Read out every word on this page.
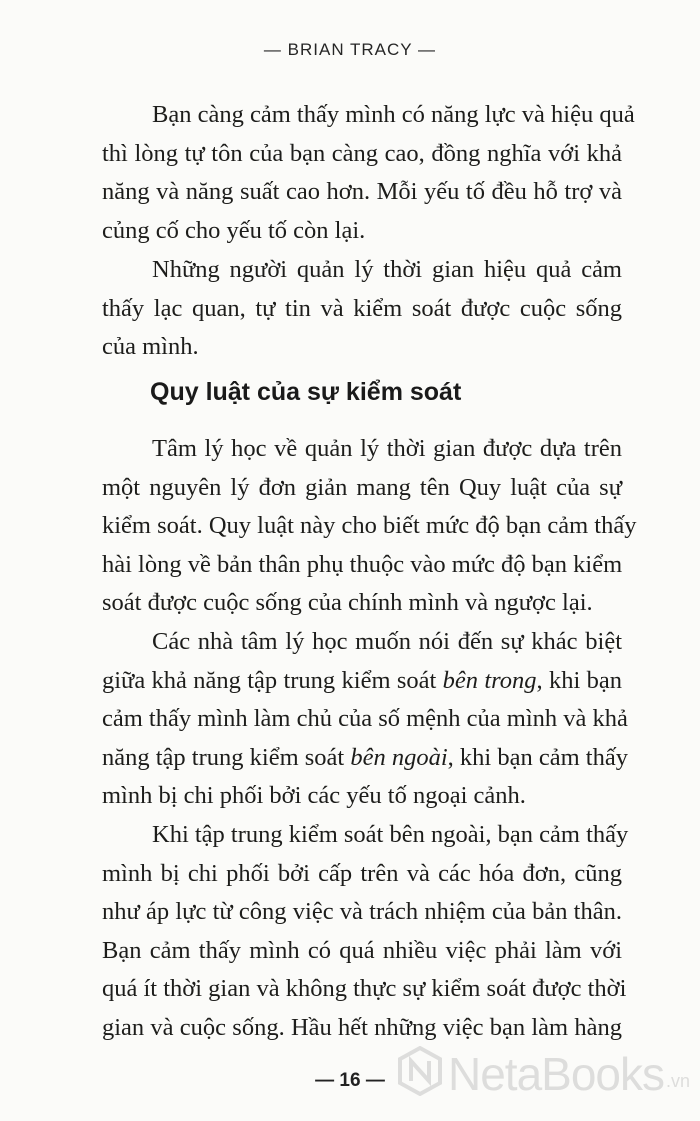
— BRIAN TRACY —
Bạn càng cảm thấy mình có năng lực và hiệu quả
thì lòng tự tôn của bạn càng cao, đồng nghĩa với khả
năng và năng suất cao hơn. Mỗi yếu tố đều hỗ trợ và
củng cố cho yếu tố còn lại.
Những người quản lý thời gian hiệu quả cảm
thấy lạc quan, tự tin và kiểm soát được cuộc sống
của mình.
Quy luật của sự kiểm soát
Tâm lý học về quản lý thời gian được dựa trên
một nguyên lý đơn giản mang tên Quy luật của sự
kiểm soát. Quy luật này cho biết mức độ bạn cảm thấy
hài lòng về bản thân phụ thuộc vào mức độ bạn kiểm
soát được cuộc sống của chính mình và ngược lại.
Các nhà tâm lý học muốn nói đến sự khác biệt
giữa khả năng tập trung kiểm soát bên trong, khi bạn
cảm thấy mình làm chủ của số mệnh của mình và khả
năng tập trung kiểm soát bên ngoài, khi bạn cảm thấy
mình bị chi phối bởi các yếu tố ngoại cảnh.
Khi tập trung kiểm soát bên ngoài, bạn cảm thấy
mình bị chi phối bởi cấp trên và các hóa đơn, cũng
như áp lực từ công việc và trách nhiệm của bản thân.
Bạn cảm thấy mình có quá nhiều việc phải làm với
quá ít thời gian và không thực sự kiểm soát được thời
gian và cuộc sống. Hầu hết những việc bạn làm hàng
— 16 —	NetaBooks .vn
